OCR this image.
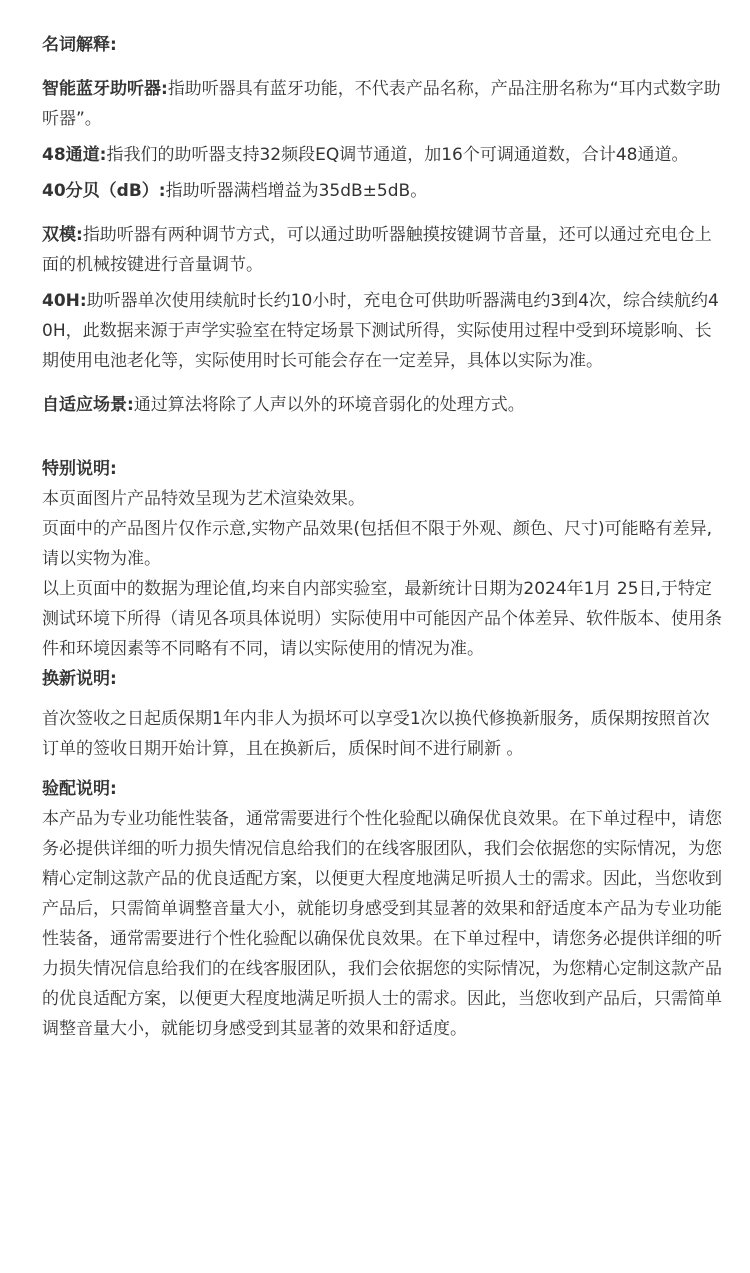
名词解释:

智能蓝牙助听器:指助听器具有蓝牙功能，不代表产品名称，产品注册名称为“耳内式数字助听器”。

48通道:指我们的助听器支持32频段EQ调节通道，加16个可调通道数，合计48通道。

40分贝（dB）:指助听器满档增益为35dB±5dB。

双模:指助听器有两种调节方式，可以通过助听器触摸按键调节音量，还可以通过充电仓上面的机械按键进行音量调节。

40H:助听器单次使用续航时长约10小时，充电仓可供助听器满电约3到4次，综合续航约40H，此数据来源于声学实验室在特定场景下测试所得，实际使用过程中受到环境影响、长期使用电池老化等，实际使用时长可能会存在一定差异，具体以实际为准。

自适应场景:通过算法将除了人声以外的环境音弱化的处理方式。

特别说明:

本页面图片产品特效呈现为艺术渲染效果。

页面中的产品图片仅作示意,实物产品效果(包括但不限于外观、颜色、尺寸)可能略有差异,请以实物为准。

以上页面中的数据为理论值,均来自内部实验室，最新统计日期为2024年1月 25日,于特定测试环境下所得（请见各项具体说明）实际使用中可能因产品个体差异、软件版本、使用条件和环境因素等不同略有不同，请以实际使用的情况为准。

换新说明:

首次签收之日起质保期1年内非人为损坏可以享受1次以换代修换新服务，质保期按照首次订单的签收日期开始计算，且在换新后，质保时间不进行刷新 。

验配说明:

本产品为专业功能性装备，通常需要进行个性化验配以确保优良效果。在下单过程中，请您务必提供详细的听力损失情况信息给我们的在线客服团队，我们会依据您的实际情况，为您精心定制这款产品的优良适配方案，以便更大程度地满足听损人士的需求。因此，当您收到产品后，只需简单调整音量大小，就能切身感受到其显著的效果和舒适度本产品为专业功能性装备，通常需要进行个性化验配以确保优良效果。在下单过程中，请您务必提供详细的听力损失情况信息给我们的在线客服团队，我们会依据您的实际情况，为您精心定制这款产品的优良适配方案，以便更大程度地满足听损人士的需求。因此，当您收到产品后，只需简单调整音量大小，就能切身感受到其显著的效果和舒适度。
